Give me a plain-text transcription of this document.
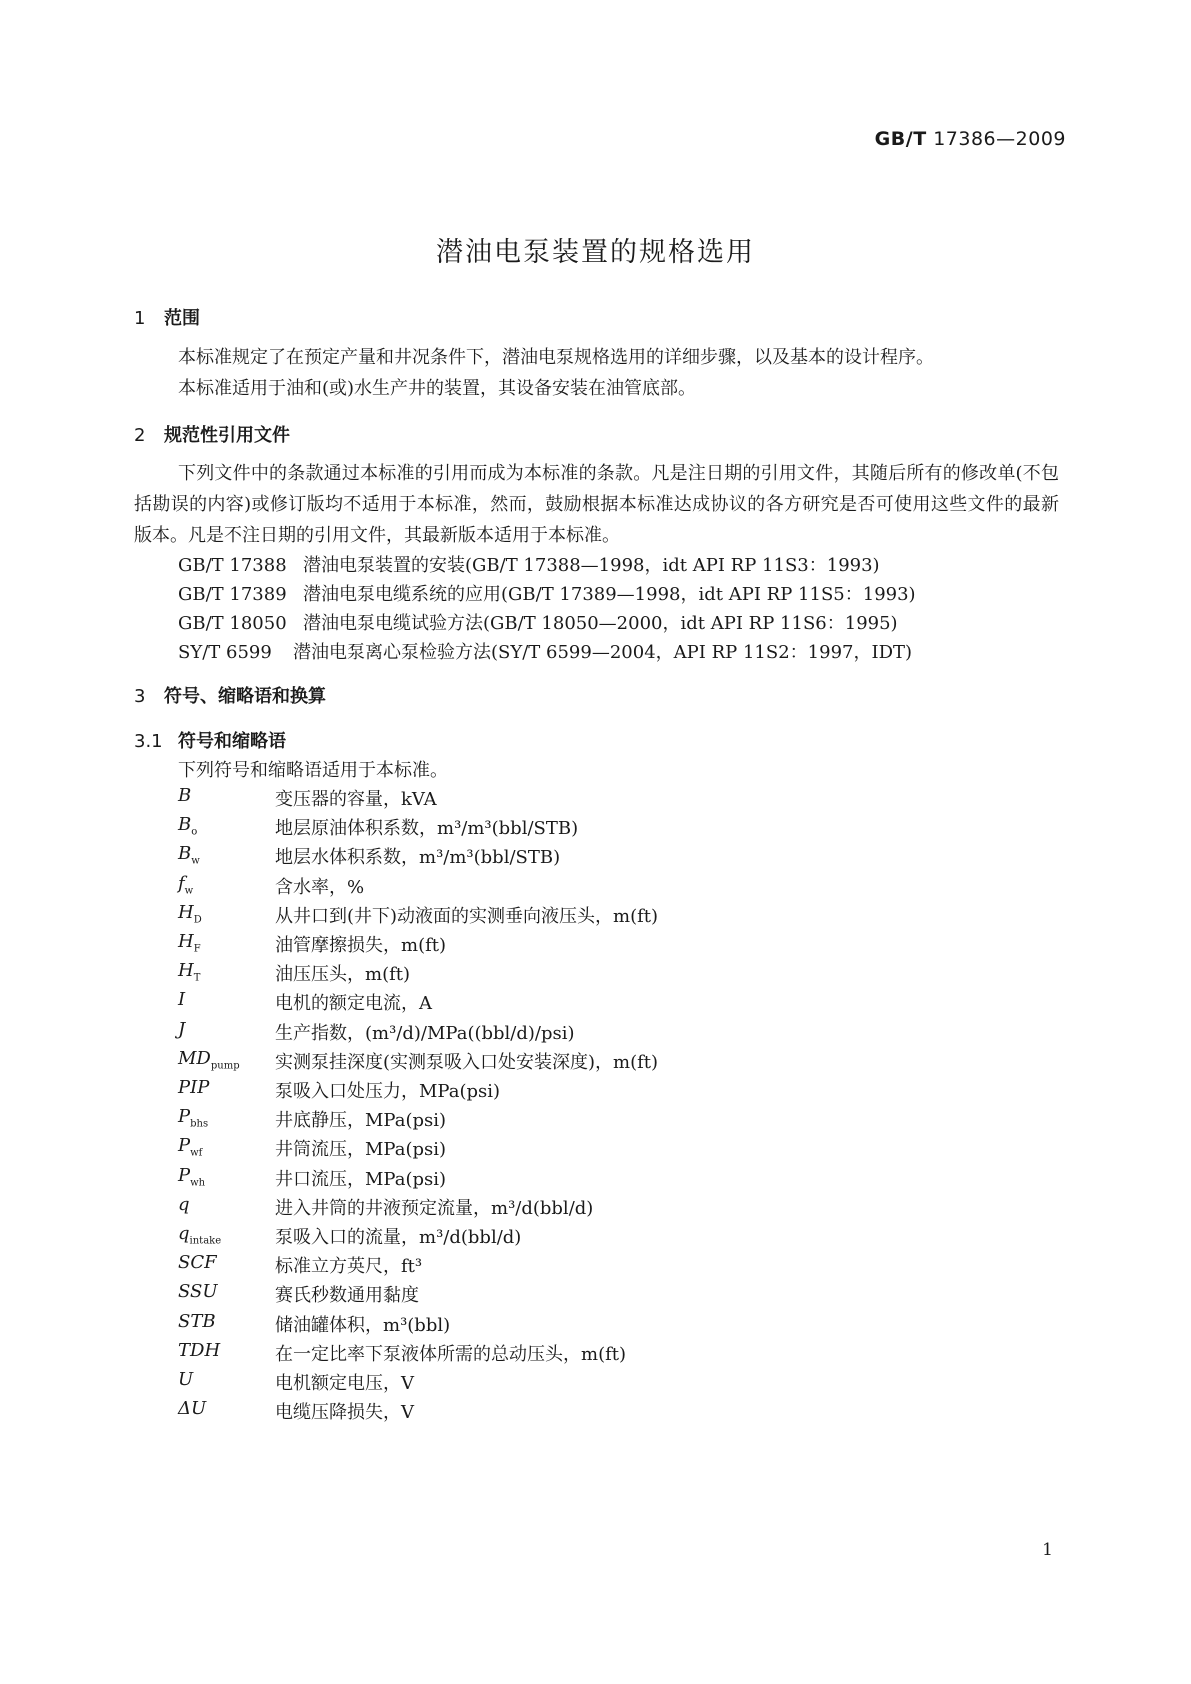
GB/T 17386—2009
潜油电泵装置的规格选用
1 范围
本标准规定了在预定产量和井况条件下，潜油电泵规格选用的详细步骤，以及基本的设计程序。
本标准适用于油和(或)水生产井的装置，其设备安装在油管底部。
2 规范性引用文件
下列文件中的条款通过本标准的引用而成为本标准的条款。凡是注日期的引用文件，其随后所有的修改单(不包括勘误的内容)或修订版均不适用于本标准，然而，鼓励根据本标准达成协议的各方研究是否可使用这些文件的最新版本。凡是不注日期的引用文件，其最新版本适用于本标准。
GB/T 17388 潜油电泵装置的安装(GB/T 17388—1998，idt API RP 11S3：1993)
GB/T 17389 潜油电泵电缆系统的应用(GB/T 17389—1998，idt API RP 11S5：1993)
GB/T 18050 潜油电泵电缆试验方法(GB/T 18050—2000，idt API RP 11S6：1995)
SY/T 6599 潜油电泵离心泵检验方法(SY/T 6599—2004，API RP 11S2：1997，IDT)
3 符号、缩略语和换算
3.1 符号和缩略语
下列符号和缩略语适用于本标准。
B	变压器的容量，kVA
$B_o$	地层原油体积系数，m³/m³(bbl/STB)
$B_w$	地层水体积系数，m³/m³(bbl/STB)
$f_w$	含水率，%
$H_D$	从井口到(井下)动液面的实测垂向液压头，m(ft)
$H_F$	油管摩擦损失，m(ft)
$H_T$	油压压头，m(ft)
I	电机的额定电流，A
J	生产指数，(m³/d)/MPa((bbl/d)/psi)
$MD_{pump}$	实测泵挂深度(实测泵吸入口处安装深度)，m(ft)
PIP	泵吸入口处压力，MPa(psi)
$P_{bhs}$	井底静压，MPa(psi)
$P_{wf}$	井筒流压，MPa(psi)
$P_{wh}$	井口流压，MPa(psi)
q	进入井筒的井液预定流量，m³/d(bbl/d)
$q_{intake}$	泵吸入口的流量，m³/d(bbl/d)
SCF	标准立方英尺，ft³
SSU	赛氏秒数通用黏度
STB	储油罐体积，m³(bbl)
TDH	在一定比率下泵液体所需的总动压头，m(ft)
U	电机额定电压，V
ΔU	电缆压降损失，V
1
